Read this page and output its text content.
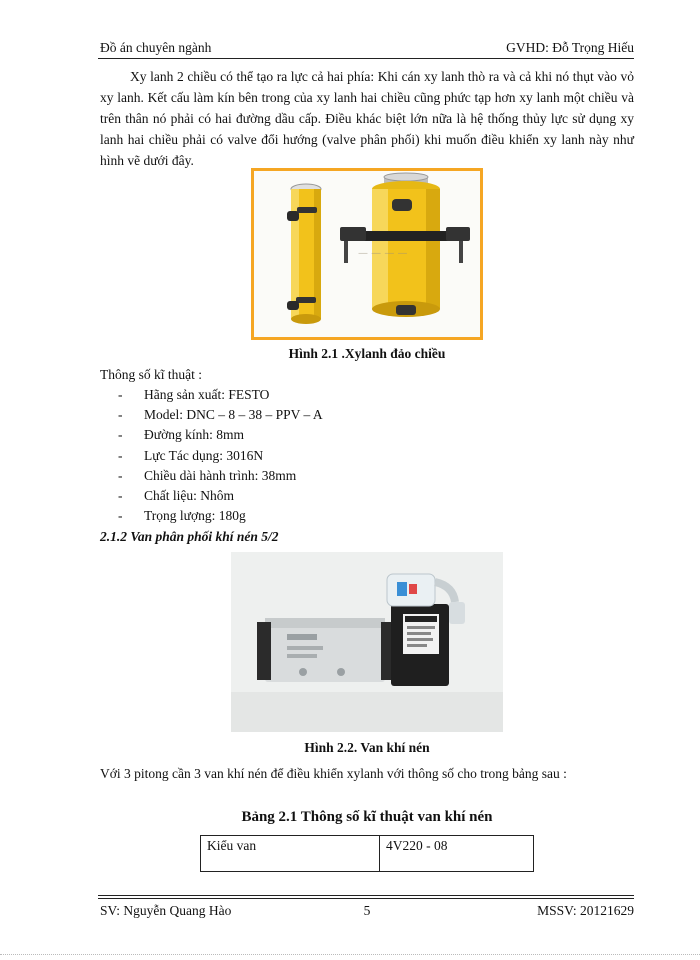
Đồ án chuyên ngành	GVHD: Đỗ Trọng Hiếu

Xy lanh 2 chiều có thể tạo ra lực cả hai phía: Khi cán xy lanh thò ra và cả khi nó thụt vào vỏ xy lanh. Kết cấu làm kín bên trong của xy lanh hai chiều cũng phức tạp hơn xy lanh một chiều và trên thân nó phải có hai đường dầu cấp. Điều khác biệt lớn nữa là hệ thống thủy lực sử dụng xy lanh hai chiều phải có valve đổi hướng (valve phân phối) khi muốn điều khiển xy lanh này như hình vẽ dưới đây.

— — — —
Hình 2.1 .Xylanh đảo chiều
Thông số kĩ thuật :
- Hãng sản xuất: FESTO
- Model: DNC – 8 – 38 – PPV – A
- Đường kính: 8mm
- Lực Tác dụng: 3016N
- Chiều dài hành trình: 38mm
- Chất liệu: Nhôm
- Trọng lượng: 180g
2.1.2 Van phân phối khí nén 5/2
Hình 2.2. Van khí nén
Với 3 pitong cần 3 van khí nén để điều khiển xylanh với thông số cho trong bảng sau :
Bảng 2.1 Thông số kĩ thuật van khí nén
Kiểu van	4V220 - 08
SV: Nguyễn Quang Hào	5	MSSV: 20121629
